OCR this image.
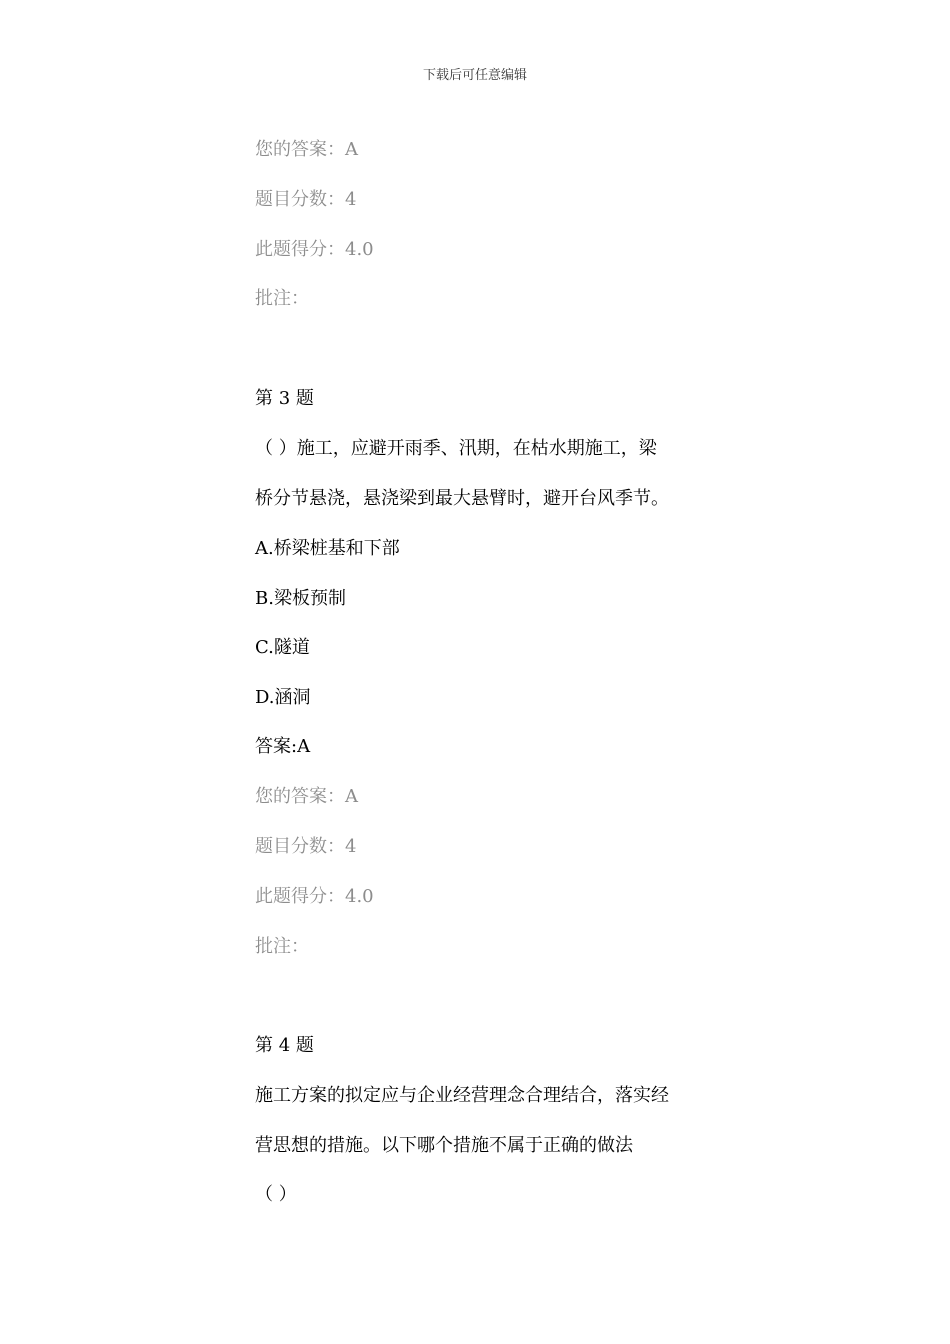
下载后可任意编辑
您的答案：A
题目分数：4
此题得分：4.0
批注：
第 3 题
（ ）施工，应避开雨季、汛期，在枯水期施工，梁
桥分节悬浇，悬浇梁到最大悬臂时，避开台风季节。
A.桥梁桩基和下部
B.梁板预制
C.隧道
D.涵洞
答案:A
您的答案：A
题目分数：4
此题得分：4.0
批注：
第 4 题
施工方案的拟定应与企业经营理念合理结合，落实经
营思想的措施。以下哪个措施不属于正确的做法
（ ）
